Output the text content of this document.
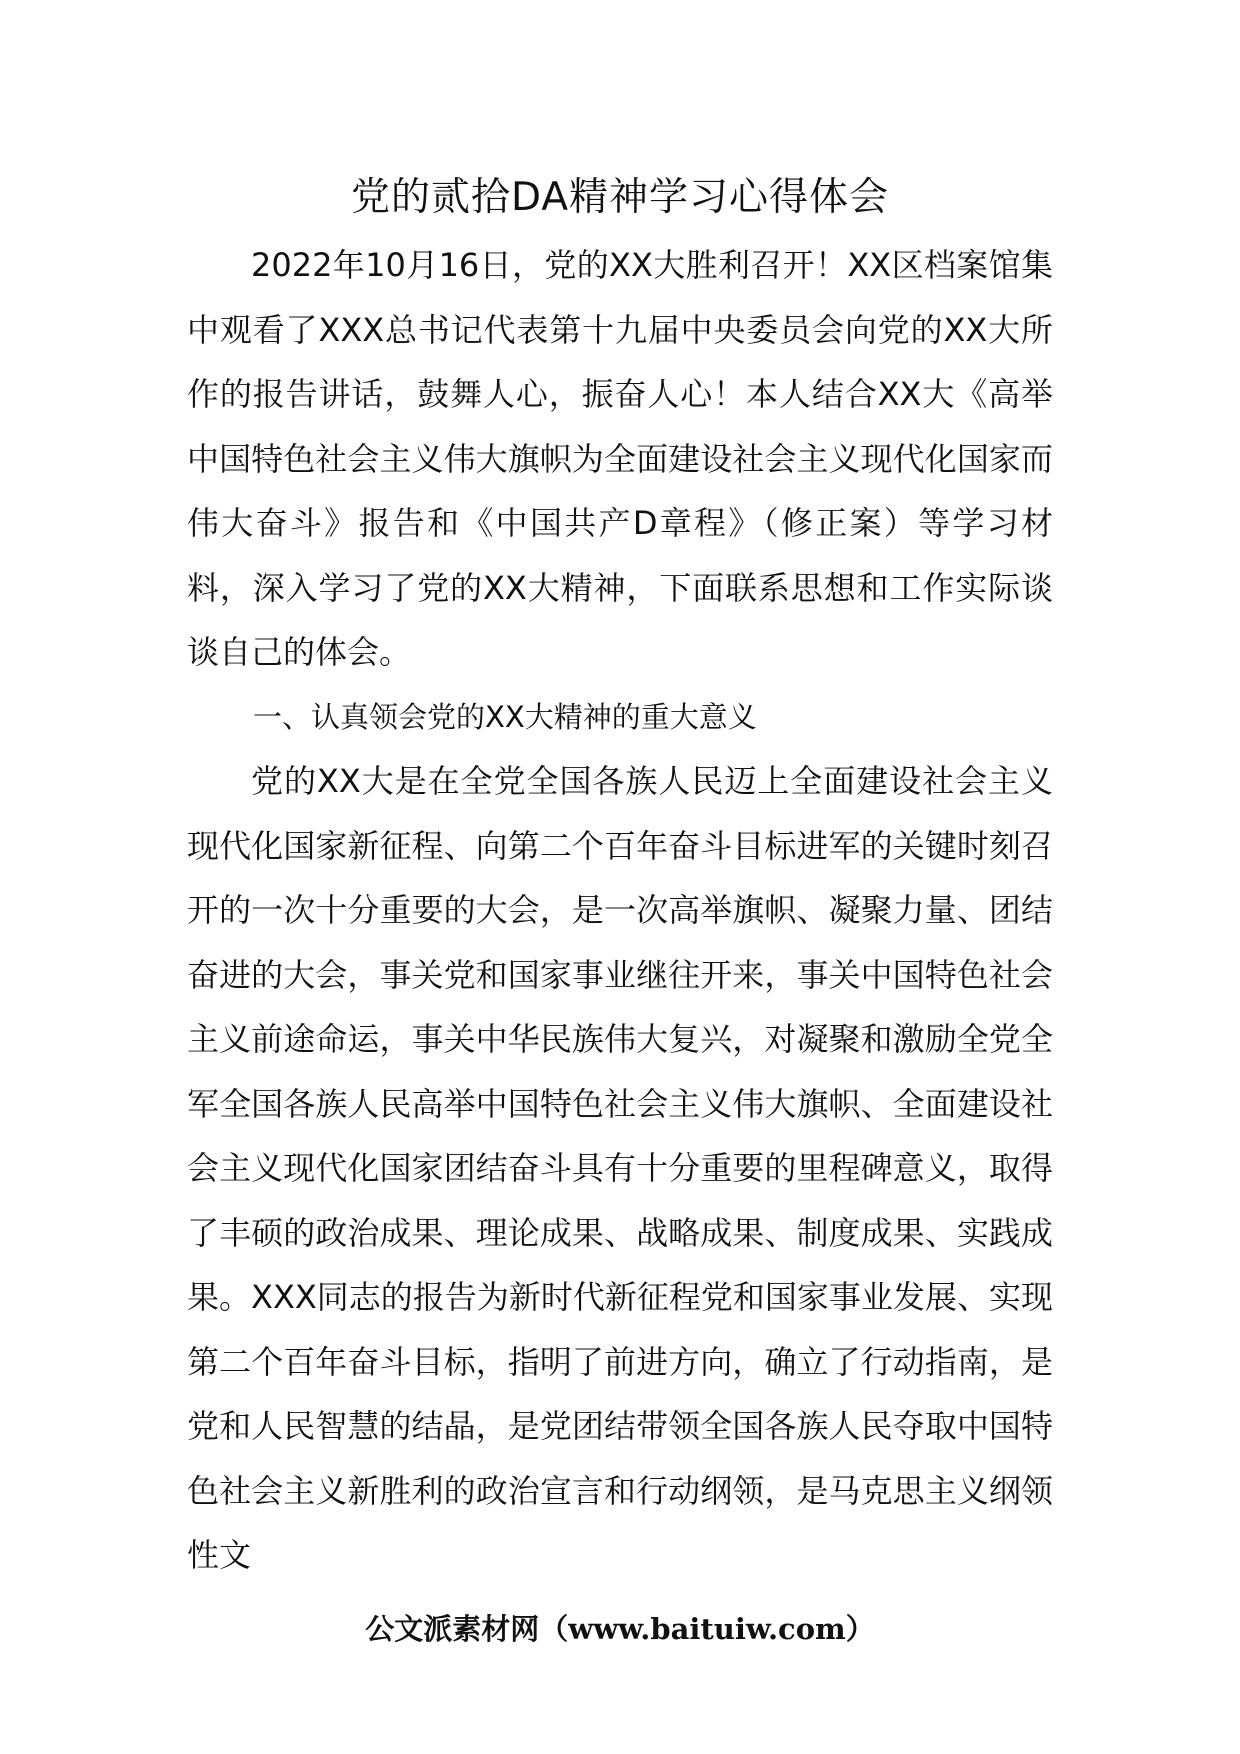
党的贰拾DA精神学习心得体会

2022年10月16日，党的XX大胜利召开！XX区档案馆集中观看了XXX总书记代表第十九届中央委员会向党的XX大所作的报告讲话，鼓舞人心，振奋人心！本人结合XX大《高举中国特色社会主义伟大旗帜为全面建设社会主义现代化国家而伟大奋斗》报告和《中国共产D章程》（修正案）等学习材料，深入学习了党的XX大精神，下面联系思想和工作实际谈谈自己的体会。

一、认真领会党的XX大精神的重大意义

党的XX大是在全党全国各族人民迈上全面建设社会主义现代化国家新征程、向第二个百年奋斗目标进军的关键时刻召开的一次十分重要的大会，是一次高举旗帜、凝聚力量、团结奋进的大会，事关党和国家事业继往开来，事关中国特色社会主义前途命运，事关中华民族伟大复兴，对凝聚和激励全党全军全国各族人民高举中国特色社会主义伟大旗帜、全面建设社会主义现代化国家团结奋斗具有十分重要的里程碑意义，取得了丰硕的政治成果、理论成果、战略成果、制度成果、实践成果。XXX同志的报告为新时代新征程党和国家事业发展、实现第二个百年奋斗目标，指明了前进方向，确立了行动指南，是党和人民智慧的结晶，是党团结带领全国各族人民夺取中国特色社会主义新胜利的政治宣言和行动纲领，是马克思主义纲领性文

公文派素材网（www.baituiw.com）
